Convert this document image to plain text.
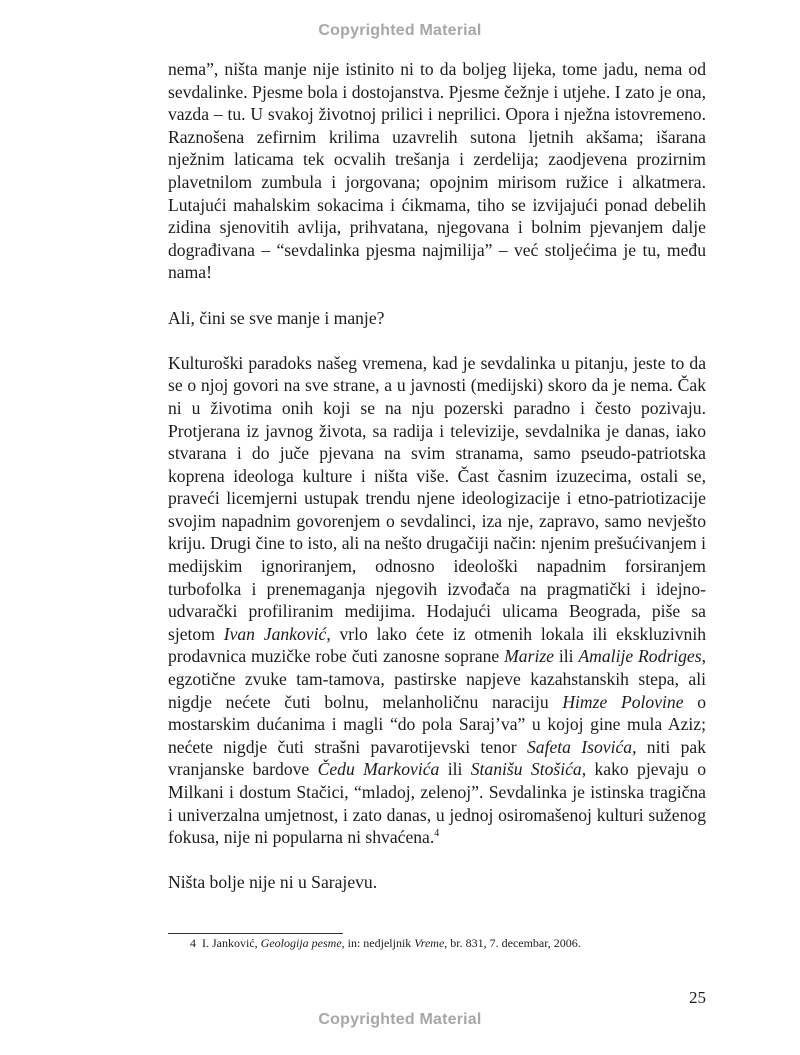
Copyrighted Material

nema”, ništa manje nije istinito ni to da boljeg lijeka, tome jadu, nema od sevdalinke. Pjesme bola i dostojanstva. Pjesme čežnje i utjehe. I zato je ona, vazda – tu. U svakoj životnoj prilici i neprilici. Opora i nježna istovremeno. Raznošena zefirnim krilima uzavrelih sutona ljetnih akšama; išarana nježnim laticama tek ocvalih trešanja i zerdelija; zaodjevena prozirnim plavetnilom zumbula i jorgovana; opojnim mirisom ružice i alkatmera. Lutajući mahalskim sokacima i ćikmama, tiho se izvijajući ponad debelih zidina sjenovitih avlija, prihvatana, njegovana i bolnim pjevanjem dalje dograđivana – “sevdalinka pjesma najmilija” – već stoljećima je tu, među nama!

Ali, čini se sve manje i manje?

Kulturoški paradoks našeg vremena, kad je sevdalinka u pitanju, jeste to da se o njoj govori na sve strane, a u javnosti (medijski) skoro da je nema. Čak ni u životima onih koji se na nju pozerski paradno i često pozivaju. Protjerana iz javnog života, sa radija i televizije, sevdalnika je danas, iako stvarana i do juče pjevana na svim stranama, samo pseudo-patriotska koprena ideologa kulture i ništa više. Čast časnim izuzecima, ostali se, praveći licemjerni ustupak trendu njene ideologizacije i etno-patriotizacije svojim napadnim govorenjem o sevdalinci, iza nje, zapravo, samo nevješto kriju. Drugi čine to isto, ali na nešto drugačiji način: njenim prešućivanjem i medijskim ignoriranjem, odnosno ideološki napadnim forsiranjem turbofolka i prenemaganja njegovih izvođača na pragmatički i idejno-udvarački profiliranim medijima. Hodajući ulicama Beograda, piše sa sjetom Ivan Janković, vrlo lako ćete iz otmenih lokala ili ekskluzivnih prodavnica muzičke robe čuti zanosne soprane Marize ili Amalije Rodriges, egzotične zvuke tam-tamova, pastirske napjeve kazahstanskih stepa, ali nigdje nećete čuti bolnu, melanholičnu naraciju Himze Polovine o mostarskim dućanima i magli “do pola Saraj’va” u kojoj gine mula Aziz; nećete nigdje čuti strašni pavarotijevski tenor Safeta Isovića, niti pak vranjanske bardove Čedu Markovića ili Stanišu Stošića, kako pjevaju o Milkani i dostum Stačici, “mladoj, zelenoj”. Sevdalinka je istinska tragična i univerzalna umjetnost, i zato danas, u jednoj osiromašenoj kulturi suženog fokusa, nije ni popularna ni shvaćena.$^4$

Ništa bolje nije ni u Sarajevu.

4 I. Janković, Geologija pesme, in: nedjeljnik Vreme, br. 831, 7. decembar, 2006.
25
Copyrighted Material
